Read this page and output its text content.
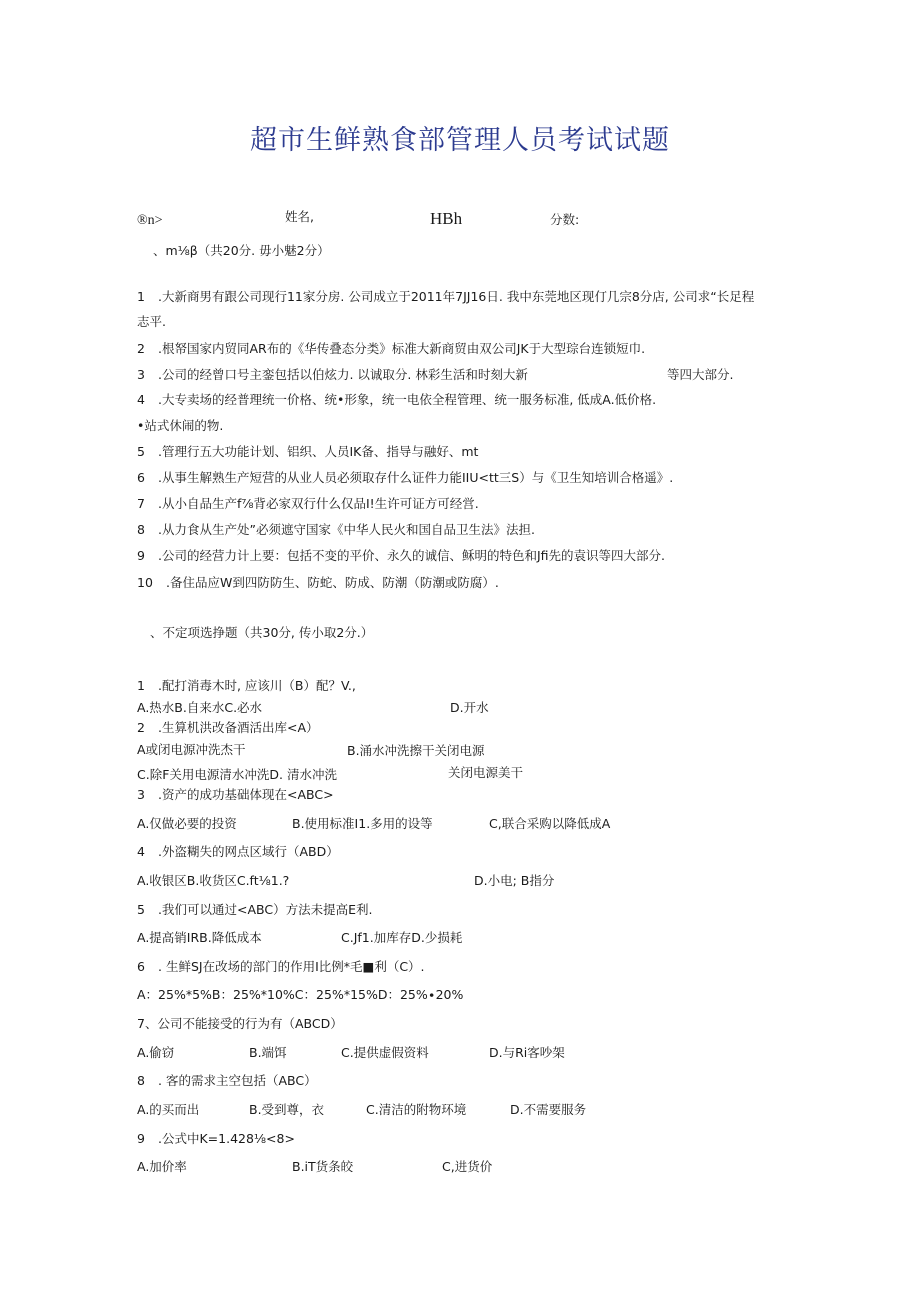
超市生鲜熟食部管理人员考试试题
®n>	姓名,	HBh	分数:
、m⅛β（共20分. 毋小魅2分）
1 .大新商男有跟公司现行11家分房. 公司成立于2011年7JJ16日. 我中东莞地区现仃几宗8分店, 公司求“长足程
志平.
2 .根帑国家内贸同AR布的《华传叠态分类》标准大新商贸由双公司JK于大型琮台连锁短巾.
3 .公司的经曾口号主銮包括以伯炫力. 以诚取分. 林彩生活和时刻大新	等四大部分.
4 .大专卖场的经普理统一价格、统•形象，统一电依全程管理、统一服务标准, 低成A.低价格.
•站式休闹的物.
5 .管理行五大功能计划、铝织、人员IK备、指导与融好、mt
6 .从事生解熟生产短营的从业人员必须取存什么证件力能IIU<tt三S）与《卫生知培训合格遥》.
7 .从小自品生产f⅞背必家双行什么仅品I!生许可证方可经営.
8 .从力食从生产处”必须遮守国家《中华人民火和国自品卫生法》法担.
9 .公司的经营力计上要：包括不变的平价、永久的诚信、稣明的特色和Jfi先的袁识等四大部分.
10 .备住品应W到四防防生、防蛇、防成、防潮（防潮或防腐）.
、不定项选挣题（共30分, 传小取2分.）
1 .配打消毒木时, 应该川（B）配？V.,
A.热水B.自来水C.必水	D.开水
2 .生算机洪改备酒活出库<A）
A或闭电源冲洗杰干	B.涌水冲洗擦干关闭电源
C.除F关用电源清水冲洗D. 清水冲洗	关闭电源美干
3 .资产的成功基础体现在<ABC>
A.仅做必要的投资	B.使用标准I1.多用的设等	C,联合采购以降低成A
4 .外盗糊失的网点区域行（ABD）
A.收银区B.收货区C.ft⅛1.?	D.小电; B指分
5 .我们可以通过<ABC）方法未提高E利.
A.提高销IRB.降低成本	C.Jf1.加库存D.少损耗
6 . 生鲜SJ在改场的部门的作用I比例*毛■利（C）.
A：25%*5%B：25%*10%C：25%*15%D：25%∙20%
7、公司不能接受的行为有（ABCD）
A.偷窃	B.端饵	C.提供虚假资料	D.与Ri客吵架
8 . 客的需求主空包括（ABC）
A.的买而出	B.受到尊，衣	C.清洁的附物环境	D.不需要服务
9 .公式中K=1.428⅛<8>
A.加价率	B.iT货条皎	C,进货价
